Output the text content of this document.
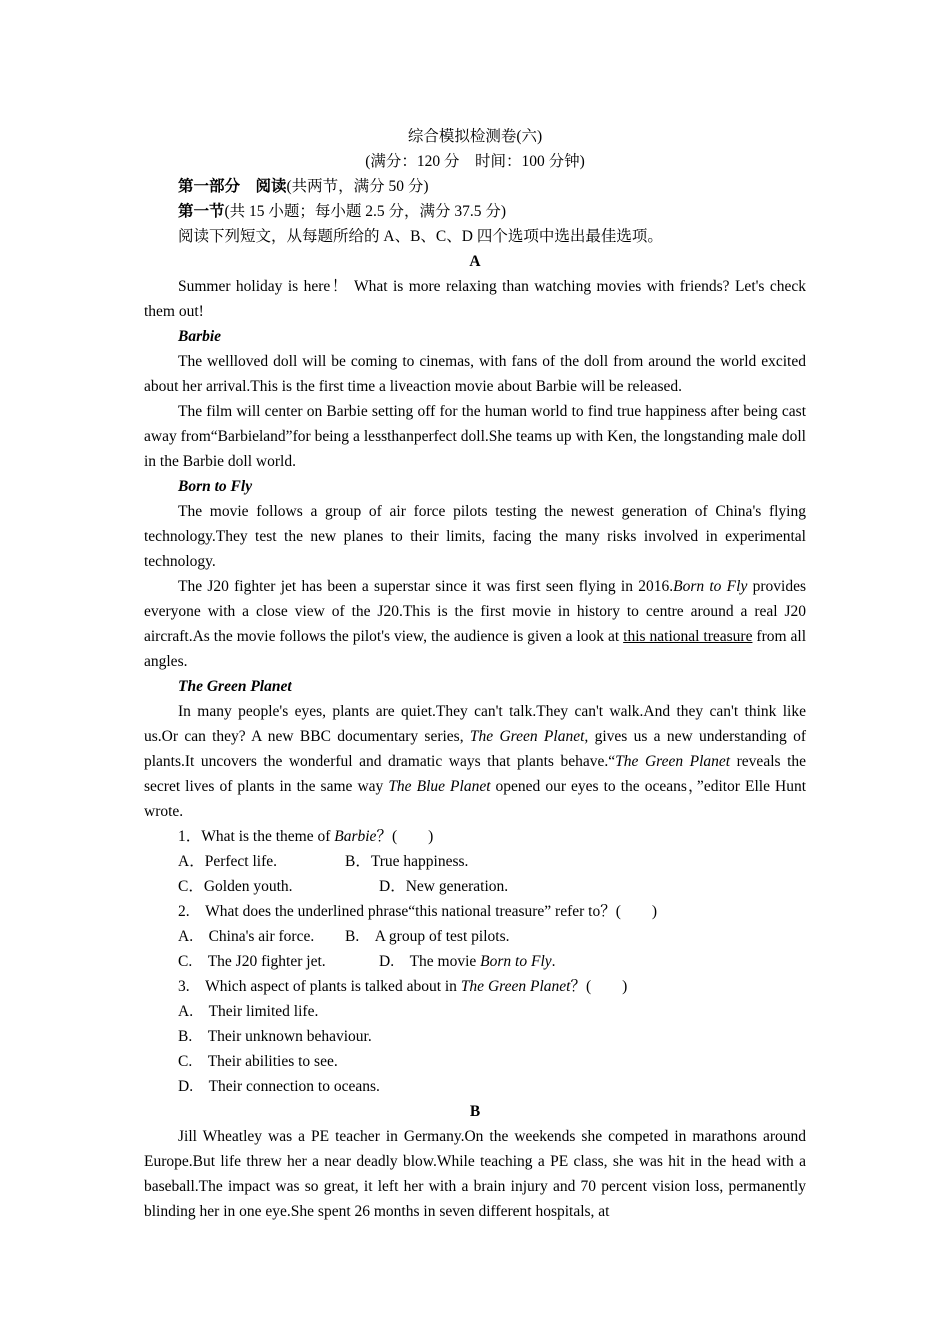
综合模拟检测卷(六)

(满分：120 分　时间：100 分钟)

第一部分　阅读(共两节，满分 50 分)

第一节(共 15 小题；每小题 2.5 分，满分 37.5 分)

阅读下列短文，从每题所给的 A、B、C、D 四个选项中选出最佳选项。

A

Summer holiday is here！ What is more relaxing than watching movies with friends? Let's check them out!

Barbie

The wellloved doll will be coming to cinemas, with fans of the doll from around the world excited about her arrival.This is the first time a liveaction movie about Barbie will be released.

The film will center on Barbie setting off for the human world to find true happiness after being cast away from“Barbieland”for being a lessthanperfect doll.She teams up with Ken, the longstanding male doll in the Barbie doll world.

Born to Fly

The movie follows a group of air force pilots testing the newest generation of China's flying technology.They test the new planes to their limits, facing the many risks involved in experimental technology.

The J20 fighter jet has been a superstar since it was first seen flying in 2016.Born to Fly provides everyone with a close view of the J20.This is the first movie in history to centre around a real J20 aircraft.As the movie follows the pilot's view, the audience is given a look at this national treasure from all angles.

The Green Planet

In many people's eyes, plants are quiet.They can't talk.They can't walk.And they can't think like us.Or can they? A new BBC documentary series, The Green Planet, gives us a new understanding of plants.It uncovers the wonderful and dramatic ways that plants behave.“The Green Planet reveals the secret lives of plants in the same way The Blue Planet opened our eyes to the oceans，”editor Elle Hunt wrote.

1．What is the theme of Barbie？(　　)

A．Perfect life.	B．True happiness.

C．Golden youth.	D．New generation.

2.　What does the underlined phrase“this national treasure” refer to？(　　)

A.　China's air force. B.　A group of test pilots.

C.　The J20 fighter jet.	D.　The movie Born to Fly.

3.　Which aspect of plants is talked about in The Green Planet？(　　)

A.　Their limited life.

B.　Their unknown behaviour.

C.　Their abilities to see.

D.　Their connection to oceans.

B

Jill Wheatley was a PE teacher in Germany.On the weekends she competed in marathons around Europe.But life threw her a near deadly blow.While teaching a PE class, she was hit in the head with a baseball.The impact was so great, it left her with a brain injury and 70 percent vision loss, permanently blinding her in one eye.She spent 26 months in seven different hospitals, at
